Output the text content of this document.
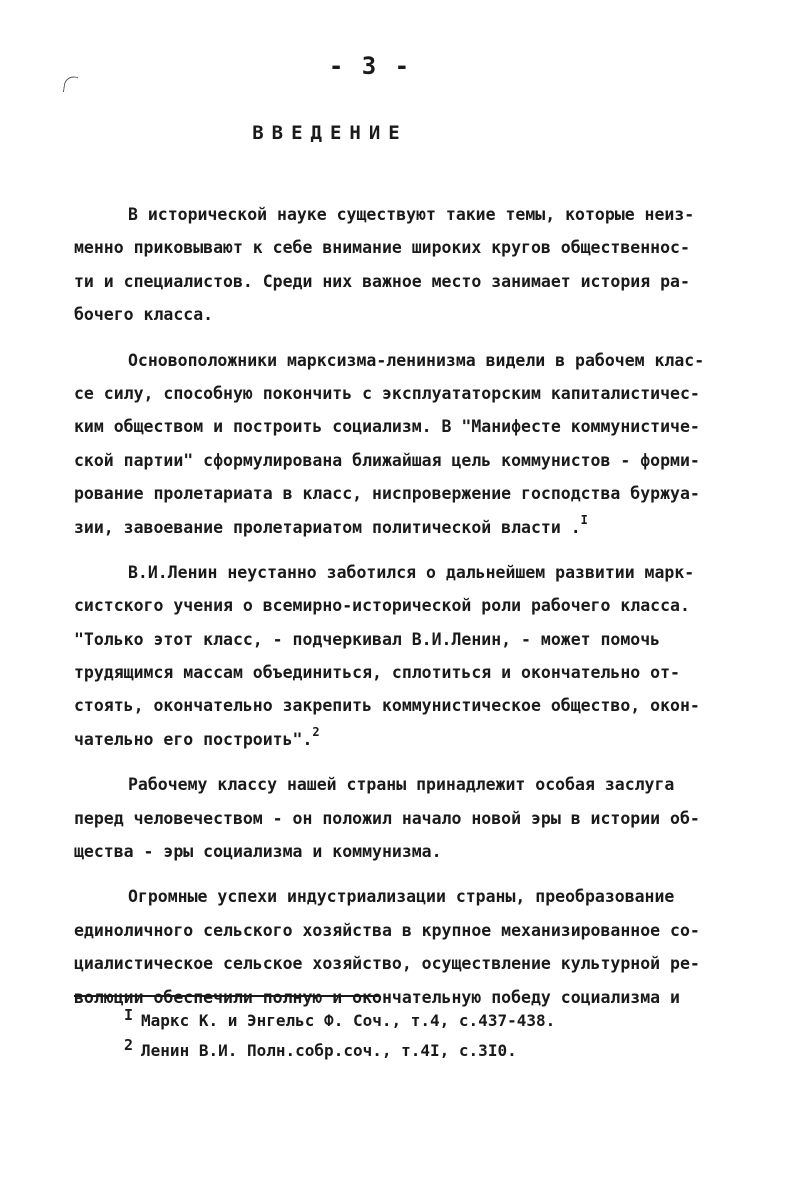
- 3 -
ВВЕДЕНИЕ
В исторической науке существуют такие темы, которые неиз-
менно приковывают к себе внимание широких кругов общественнос-
ти и специалистов. Среди них важное место занимает история ра-
бочего класса.
Основоположники марксизма-ленинизма видели в рабочем клас-
се силу, способную покончить с эксплуататорским капиталистичес-
ким обществом и построить социализм. В "Манифесте коммунистиче-
ской партии" сформулирована ближайшая цель коммунистов - форми-
рование пролетариата в класс, ниспровержение господства буржуа-
зии, завоевание пролетариатом политической власти .$^I$
В.И.Ленин неустанно заботился о дальнейшем развитии марк-
систского учения о всемирно-исторической роли рабочего класса.
"Только этот класс, - подчеркивал В.И.Ленин, - может помочь
трудящимся массам объединиться, сплотиться и окончательно от-
стоять, окончательно закрепить коммунистическое общество, окон-
чательно его построить".$^2$
Рабочему классу нашей страны принадлежит особая заслуга
перед человечеством - он положил начало новой эры в истории об-
щества - эры социализма и коммунизма.
Огромные успехи индустриализации страны, преобразование
единоличного сельского хозяйства в крупное механизированное со-
циалистическое сельское хозяйство, осуществление культурной ре-
волюции обеспечили полную и окончательную победу социализма и
I Маркс К. и Энгельс Ф. Соч., т.4, с.437-438.
2 Ленин В.И. Полн.собр.соч., т.4I, с.3I0.
